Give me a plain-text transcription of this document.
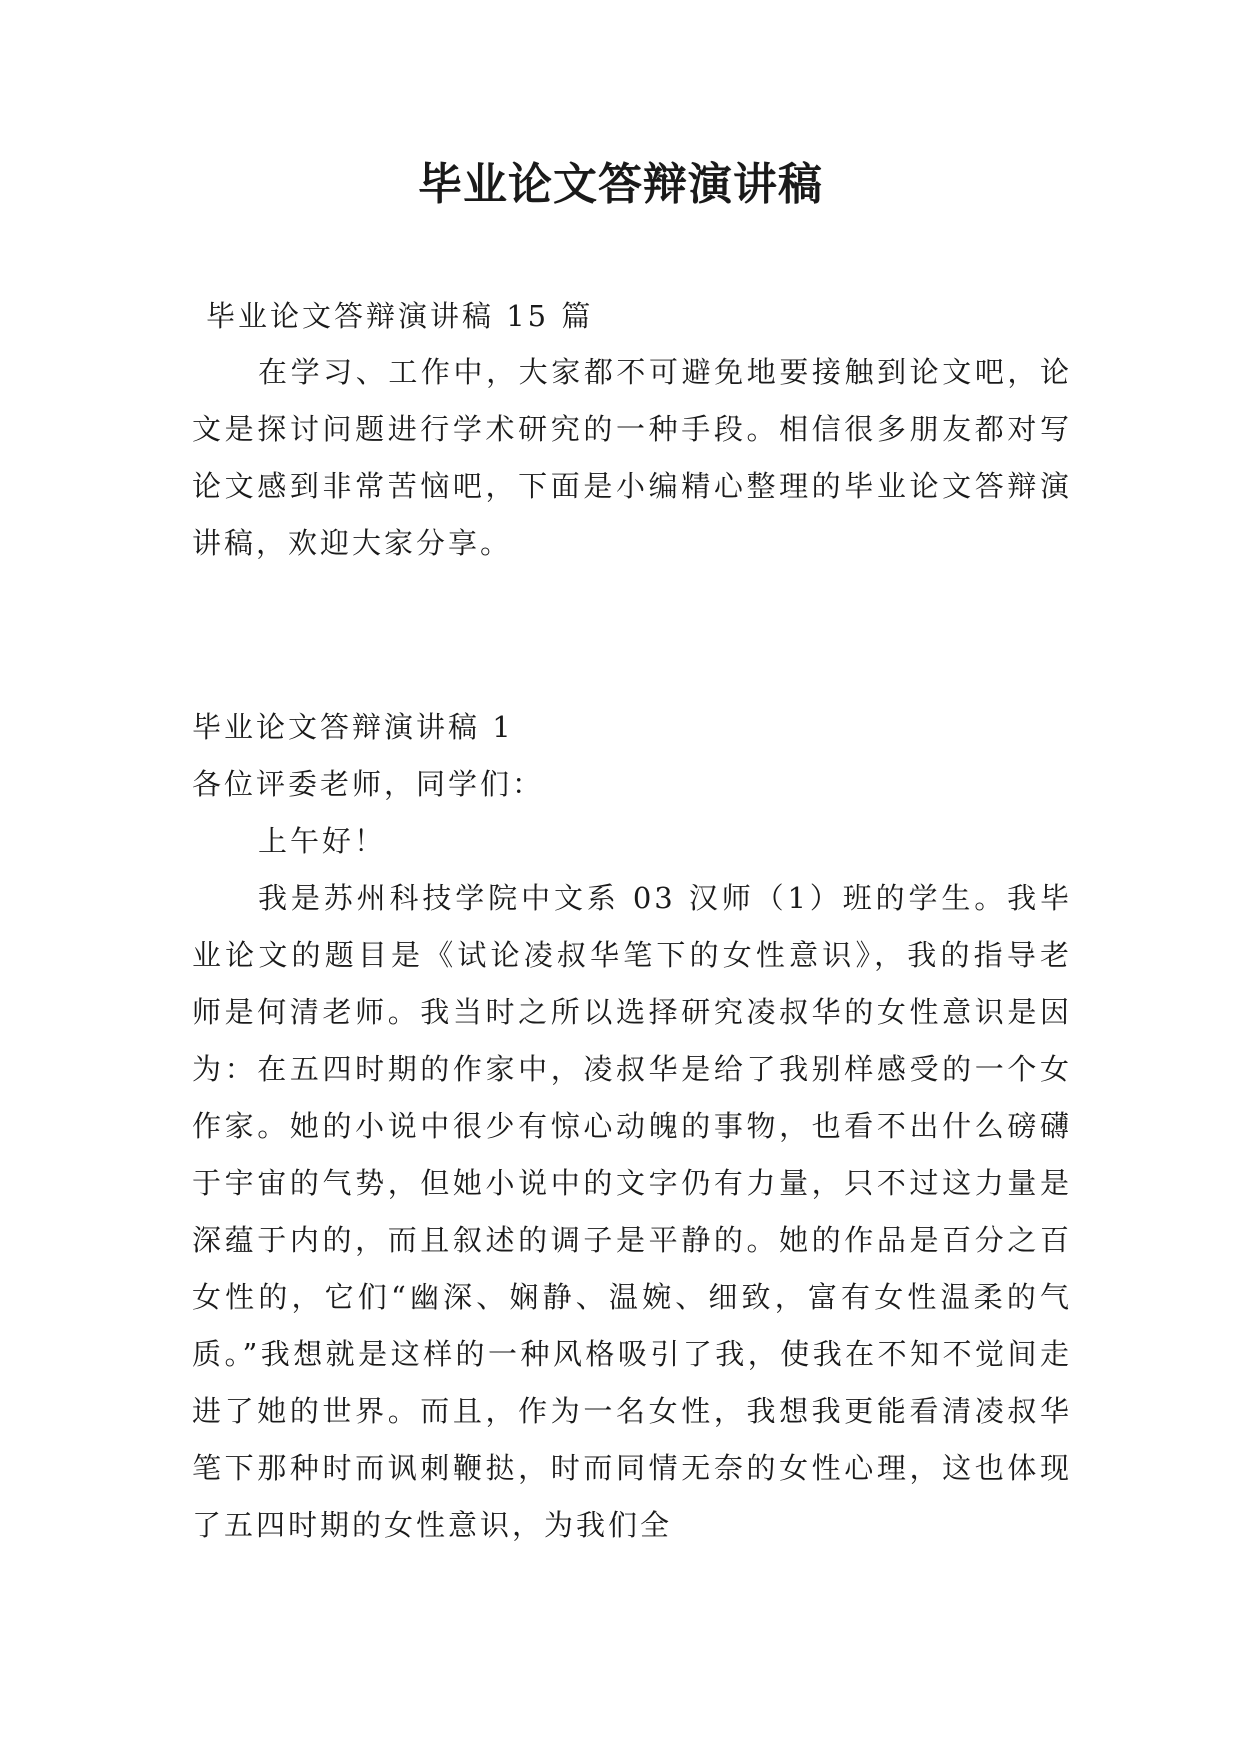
毕业论文答辩演讲稿
毕业论文答辩演讲稿 15 篇

在学习、工作中，大家都不可避免地要接触到论文吧，论文是探讨问题进行学术研究的一种手段。相信很多朋友都对写论文感到非常苦恼吧，下面是小编精心整理的毕业论文答辩演讲稿，欢迎大家分享。

毕业论文答辩演讲稿 1
各位评委老师，同学们：
上午好！

我是苏州科技学院中文系 03 汉师（1）班的学生。我毕业论文的题目是《试论凌叔华笔下的女性意识》，我的指导老师是何清老师。我当时之所以选择研究凌叔华的女性意识是因为：在五四时期的作家中，凌叔华是给了我别样感受的一个女作家。她的小说中很少有惊心动魄的事物，也看不出什么磅礴于宇宙的气势，但她小说中的文字仍有力量，只不过这力量是深蕴于内的，而且叙述的调子是平静的。她的作品是百分之百女性的，它们“幽深、娴静、温婉、细致，富有女性温柔的气质。”我想就是这样的一种风格吸引了我，使我在不知不觉间走进了她的世界。而且，作为一名女性，我想我更能看清凌叔华笔下那种时而讽刺鞭挞，时而同情无奈的女性心理，这也体现了五四时期的女性意识，为我们全
